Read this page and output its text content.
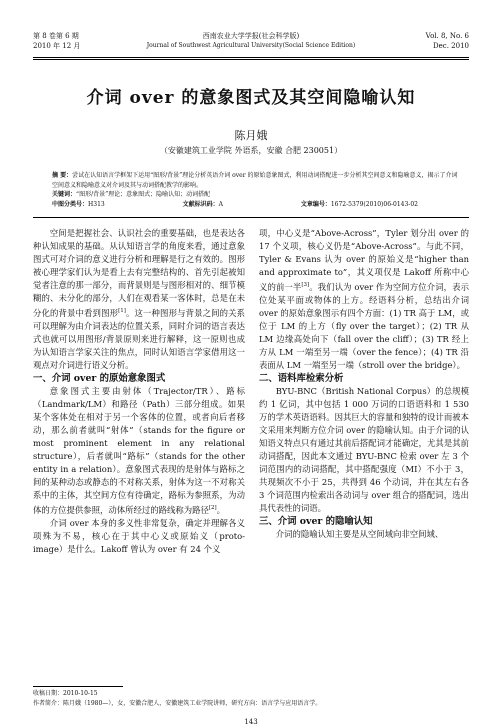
第 8 卷第 6 期
2010 年 12 月
西南农业大学学报(社会科学版)
Journal of Southwest Agricultural University(Social Science Edition)
Vol. 8, No. 6
Dec. 2010
介词 over 的意象图式及其空间隐喻认知
陈月娥
（安徽建筑工业学院 外语系，安徽 合肥 230051）
摘 要：尝试在认知语言学框架下运用“图形/背景”理论分析英语介词 over 的原始意象图式，利用动词搭配进一步分析其空间意义和隐喻意义，揭示了介词空间意义和隐喻意义对介词及其与动词搭配教学的影响。
关键词：“图形/背景”理论；意象图式；隐喻认知；动词搭配
中图分类号：H313	文献标识码：A	文章编号：1672-5379(2010)06-0143-02

空间是把握社会、认识社会的重要基础，也是表达各种认知成果的基础。从认知语言学的角度来看，通过意象图式可对介词的意义进行分析和理解是行之有效的。图形被心理学家们认为是看上去有完整结构的、首先引起被知觉者注意的那一部分，而背景则是与图形相对的、细节模糊的、未分化的部分，人们在观看某一客体时，总是在未分化的背景中看到图形[1]。这一种图形与背景之间的关系可以理解为由介词表达的位置关系，同时介词的语言表达式也就可以用图形/背景原则来进行解释，这一原则也成为认知语言学家关注的焦点，同时认知语言学家借用这一观点对介词进行语义分析。

一、介词 over 的原始意象图式

意象图式主要由射体（Trajector/TR）、路标（Landmark/LM）和路径（Path）三部分组成。如果某个客体处在相对于另一个客体的位置，或者向后者移动，那么前者就叫“射体”（stands for the figure or most prominent element in any relational structure），后者就叫“路标”（stands for the other entity in a relation）。意象图式表现的是射体与路标之间的某种动态或静态的不对称关系，射体为这一不对称关系中的主体，其空间方位有待确定，路标为参照系，为动体的方位提供参照，动体所经过的路线称为路径[2]。

介词 over 本身的多义性非常复杂，确定并理解各义项殊为不易，核心在于其中心义或原始义（proto-image）是什么。Lakoff 曾认为 over 有 24 个义

项，中心义是“Above-Across”，Tyler 划分出 over 的 17 个义项，核心义仍是“Above-Across”。与此不同，Tyler & Evans 认为 over 的原始义是“higher than and approximate to”，其义项仅是 Lakoff 所称中心义的前一半[3]。我们认为 over 作为空间方位介词，表示位处某平面或物体的上方。经语料分析，总结出介词 over 的原始意象图示有四个方面：(1) TR 高于 LM，或位于 LM 的上方（fly over the target）；(2) TR 从 LM 边缘高处向下（fall over the cliff）；(3) TR 经上方从 LM 一端至另一端（over the fence）；(4) TR 沿表面从 LM 一端至另一端（stroll over the bridge）。

二、语料库检索分析

BYU-BNC（British National Corpus）的总规模约 1 亿词，其中包括 1 000 万词的口语语料和 1 530 万的学术英语语料。因其巨大的容量和独特的设计而被本文采用来判断方位介词 over 的隐喻认知。由于介词的认知语义特点只有通过其前后搭配词才能确定，尤其是其前动词搭配，因此本文通过 BYU-BNC 检索 over 左 3 个词范围内的动词搭配，其中搭配强度（MI）不小于 3，共现频次不小于 25，共得到 46 个动词，并在其左右各 3 个词范围内检索出各动词与 over 组合的搭配词，选出具代表性的词语。

三、介词 over 的隐喻认知

介词的隐喻认知主要是从空间域向非空间域、

收稿日期：2010-10-15
作者简介：陈月娥（1980—），女，安徽合肥人，安徽建筑工业学院讲师，研究方向：语言学与应用语言学。
143
